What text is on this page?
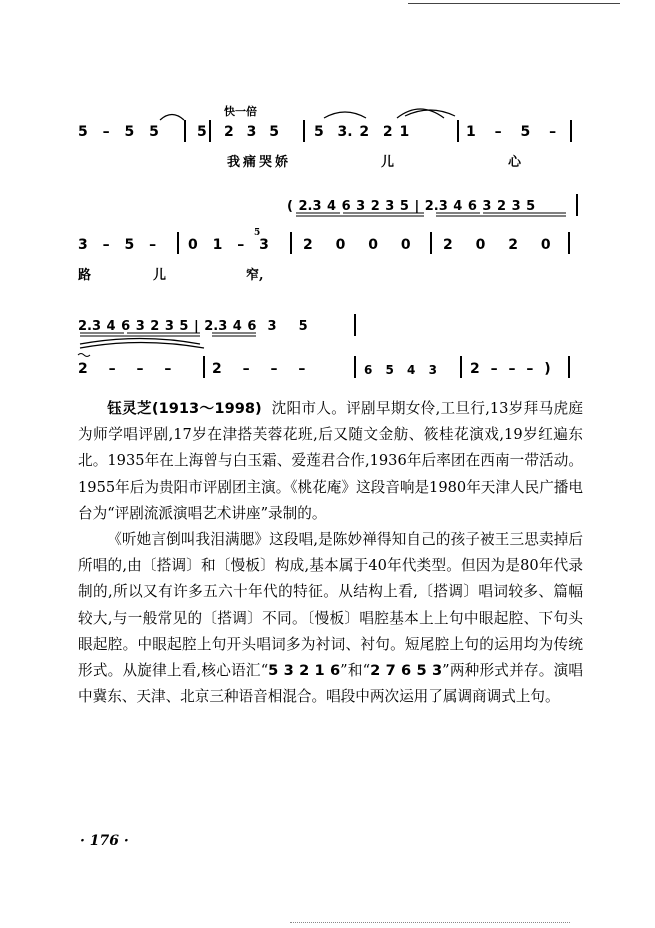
快一倍
5 – 5 5	5 2 3 5	5  3. 2  2 1	1 – 5 –
我痛哭娇	儿	心
( 2.3 4 6 3 2 3 5 | 2.3 4 6 3 2 3 5
3 – 5 – 0 1 – 3
5
2 0 0 0 2 0 2 0
路	儿	窄,
2.3 4 6 3 2 3 5 | 2.3 4 6  3    5
2 – – –	2 – – –	6 5 4 3 2 – – – )

钰灵芝(1913～1998) 沈阳市人。评剧早期女伶,工旦行,13岁拜马虎庭为师学唱评剧,17岁在津搭芙蓉花班,后又随文金舫、筱桂花演戏,19岁红遍东北。1935年在上海曾与白玉霜、爱莲君合作,1936年后率团在西南一带活动。1955年后为贵阳市评剧团主演。《桃花庵》这段音响是1980年天津人民广播电台为“评剧流派演唱艺术讲座”录制的。

《听她言倒叫我泪满腮》这段唱,是陈妙禅得知自己的孩子被王三思卖掉后所唱的,由〔搭调〕和〔慢板〕构成,基本属于40年代类型。但因为是80年代录制的,所以又有许多五六十年代的特征。从结构上看,〔搭调〕唱词较多、篇幅较大,与一般常见的〔搭调〕不同。〔慢板〕唱腔基本上上句中眼起腔、下句头眼起腔。中眼起腔上句开头唱词多为衬词、衬句。短尾腔上句的运用均为传统形式。从旋律上看,核心语汇“5 3 2 1 6”和“2 7 6 5 3”两种形式并存。演唱中冀东、天津、北京三种语音相混合。唱段中两次运用了属调商调式上句。

· 176 ·
